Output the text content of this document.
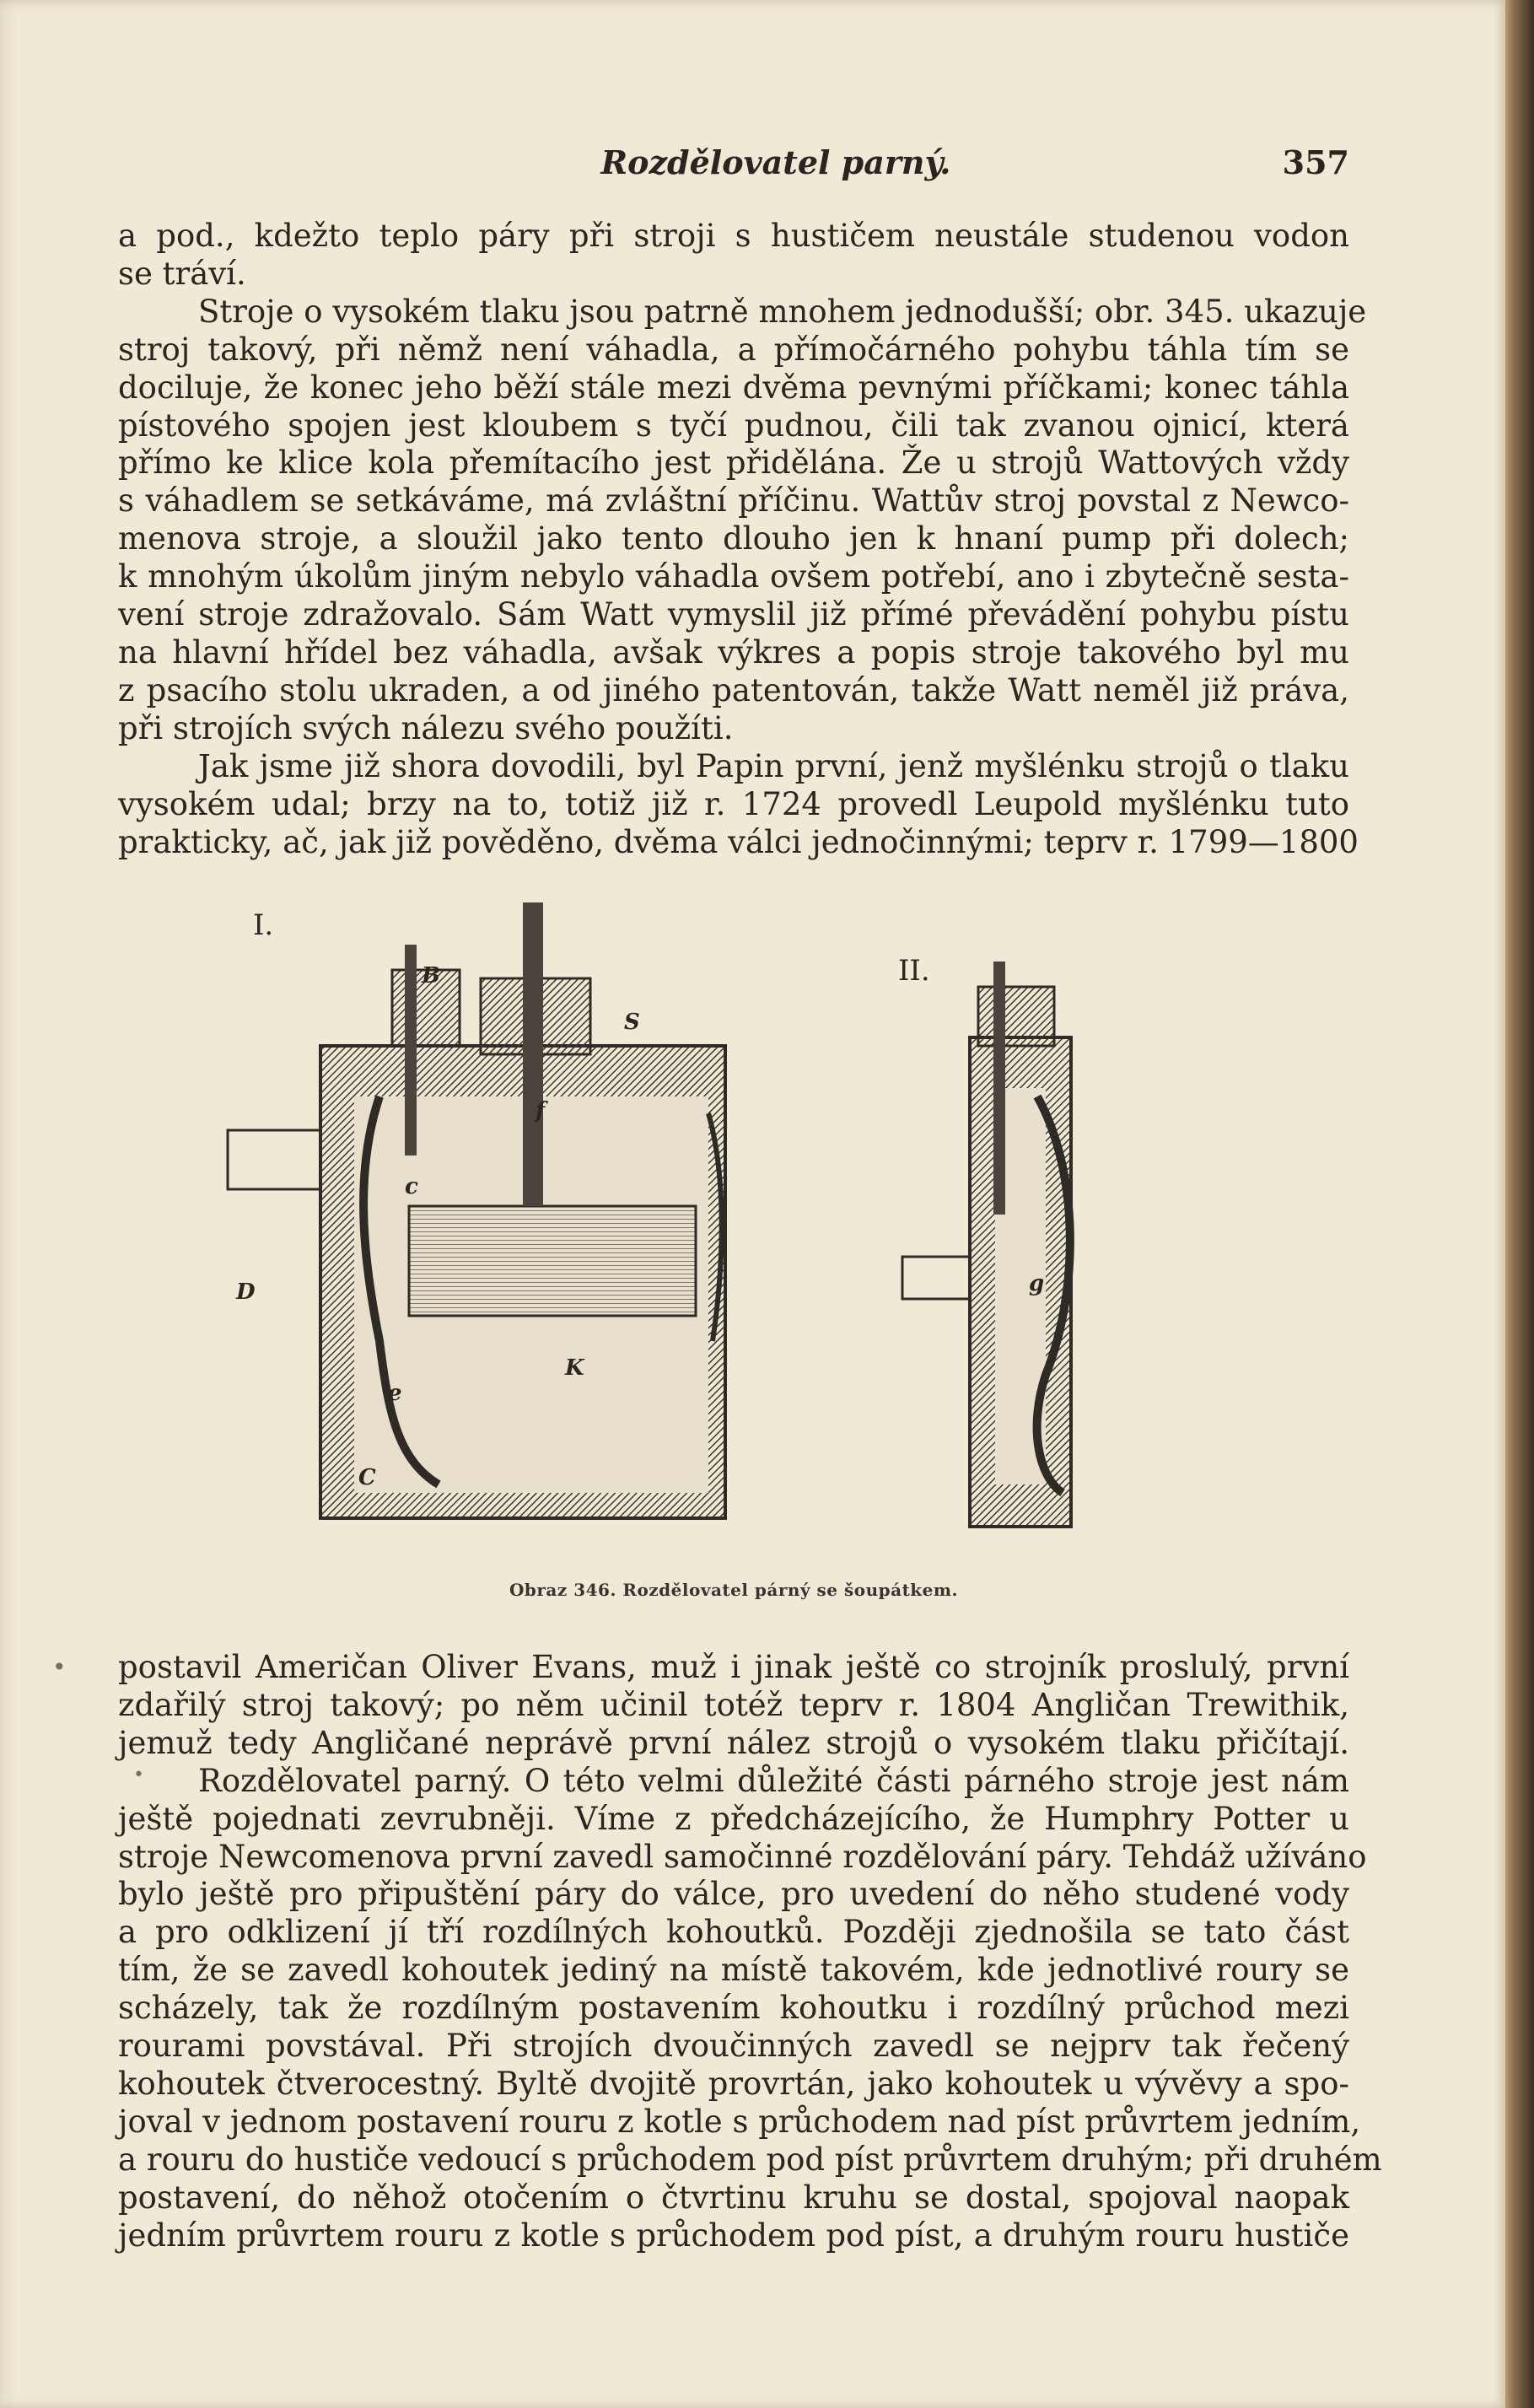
Rozdělovatel parný.	357
a pod., kdežto teplo páry při stroji s hustičem neustále studenou vodon
se tráví.
Stroje o vysokém tlaku jsou patrně mnohem jednodušší; obr. 345. ukazuje
stroj takový, při němž není váhadla, a přímočárného pohybu táhla tím se
dociluje, že konec jeho běží stále mezi dvěma pevnými příčkami; konec táhla
pístového spojen jest kloubem s tyčí pudnou, čili tak zvanou ojnicí, která
přímo ke klice kola přemítacího jest přidělána. Že u strojů Wattových vždy
s váhadlem se setkáváme, má zvláštní příčinu. Wattův stroj povstal z Newco-
menova stroje, a sloužil jako tento dlouho jen k hnaní pump při dolech;
k mnohým úkolům jiným nebylo váhadla ovšem potřebí, ano i zbytečně sesta-
vení stroje zdražovalo. Sám Watt vymyslil již přímé převádění pohybu pístu
na hlavní hřídel bez váhadla, avšak výkres a popis stroje takového byl mu
z psacího stolu ukraden, a od jiného patentován, takže Watt neměl již práva,
při strojích svých nálezu svého použíti.
Jak jsme již shora dovodili, byl Papin první, jenž myšlénku strojů o tlaku
vysokém udal; brzy na to, totiž již r. 1724 provedl Leupold myšlénku tuto
prakticky, ač, jak již pověděno, dvěma válci jednočinnými; teprv r. 1799—1800
I.
II.
B
S
f
c
D
e
C
K
g
Obraz 346. Rozdělovatel párný se šoupátkem.
•
•
postavil Američan Oliver Evans, muž i jinak ještě co strojník proslulý, první
zdařilý stroj takový; po něm učinil totéž teprv r. 1804 Angličan Trewithik,
jemuž tedy Angličané neprávě první nález strojů o vysokém tlaku přičítají.
Rozdělovatel parný. O této velmi důležité části párného stroje jest nám
ještě pojednati zevrubněji. Víme z předcházejícího, že Humphry Potter u
stroje Newcomenova první zavedl samočinné rozdělování páry. Tehdáž užíváno
bylo ještě pro připuštění páry do válce, pro uvedení do něho studené vody
a pro odklizení jí tří rozdílných kohoutků. Později zjednošila se tato část
tím, že se zavedl kohoutek jediný na místě takovém, kde jednotlivé roury se
scházely, tak že rozdílným postavením kohoutku i rozdílný průchod mezi
rourami povstával. Při strojích dvoučinných zavedl se nejprv tak řečený
kohoutek čtverocestný. Byltě dvojitě provrtán, jako kohoutek u vývěvy a spo-
joval v jednom postavení rouru z kotle s průchodem nad píst průvrtem jedním,
a rouru do hustiče vedoucí s průchodem pod píst průvrtem druhým; při druhém
postavení, do něhož otočením o čtvrtinu kruhu se dostal, spojoval naopak
jedním průvrtem rouru z kotle s průchodem pod píst, a druhým rouru hustiče
